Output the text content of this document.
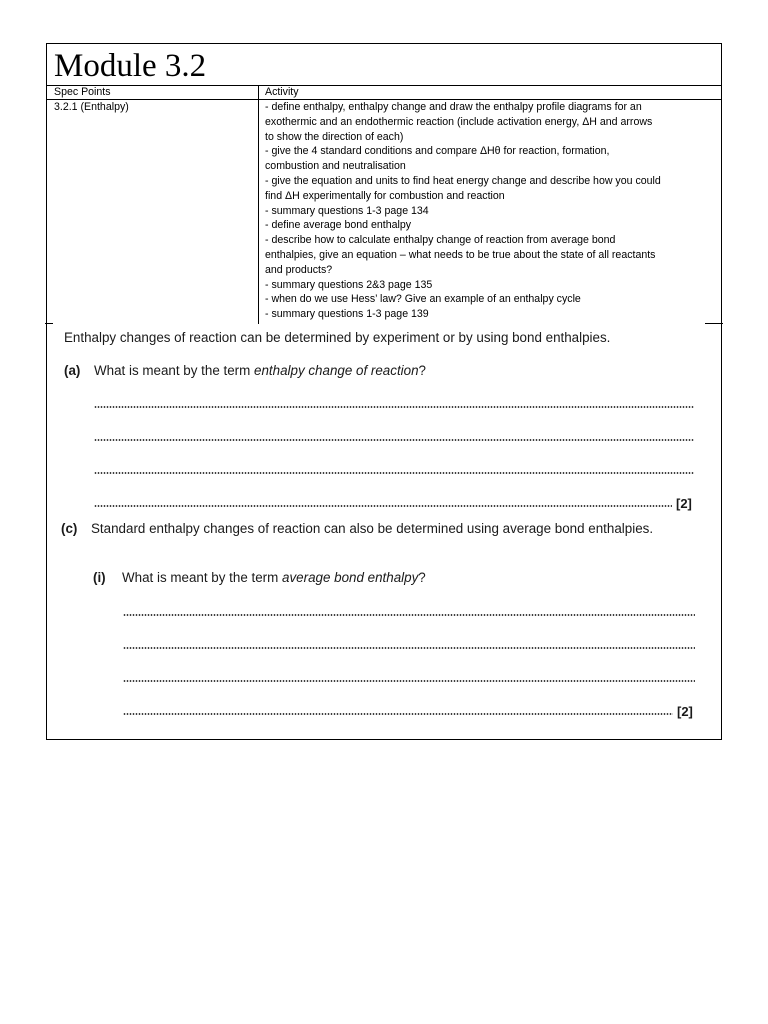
Module 3.2
Spec Points	Activity
3.2.1 (Enthalpy)	- define enthalpy, enthalpy change and draw the enthalpy profile diagrams for an
exothermic and an endothermic reaction (include activation energy, ΔH and arrows
to show the direction of each)
- give the 4 standard conditions and compare ΔHθ for reaction, formation,
combustion and neutralisation
- give the equation and units to find heat energy change and describe how you could
find ΔH experimentally for combustion and reaction
- summary questions 1-3 page 134
- define average bond enthalpy
- describe how to calculate enthalpy change of reaction from average bond
enthalpies, give an equation – what needs to be true about the state of all reactants
and products?
- summary questions 2&3 page 135
- when do we use Hess’ law? Give an example of an enthalpy cycle
- summary questions 1-3 page 139
Enthalpy changes of reaction can be determined by experiment or by using bond enthalpies.
(a) What is meant by the term enthalpy change of reaction?
[2]
(c) Standard enthalpy changes of reaction can also be determined using average bond enthalpies.
(i) What is meant by the term average bond enthalpy?
[2]
